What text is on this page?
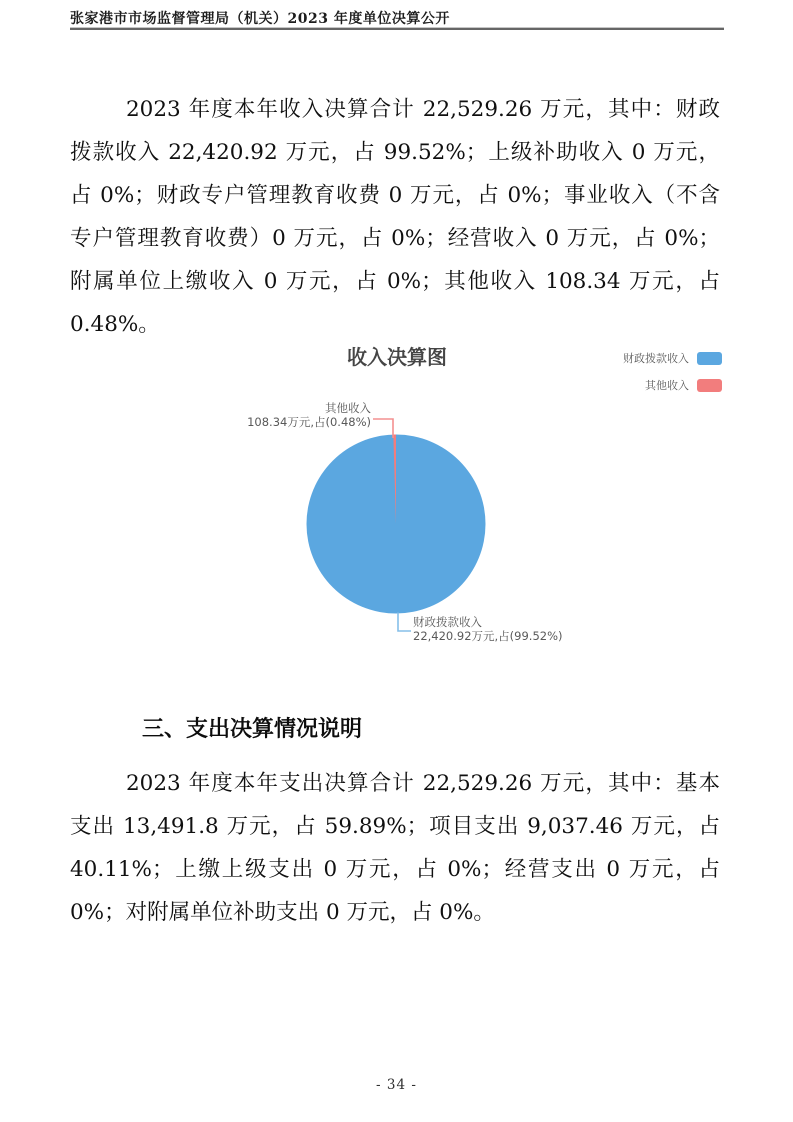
张家港市市场监督管理局（机关）2023 年度单位决算公开
2023 年度本年收入决算合计 22,529.26 万元，其中：财政
拨款收入 22,420.92 万元，占 99.52%；上级补助收入 0 万元，
占 0%；财政专户管理教育收费 0 万元，占 0%；事业收入（不含
专户管理教育收费）0 万元，占 0%；经营收入 0 万元，占 0%；
附属单位上缴收入 0 万元，占 0%；其他收入 108.34 万元，占
0.48%。
收入决算图	财政拨款收入
其他收入
其他收入
108.34万元,占(0.48%)
财政拨款收入
22,420.92万元,占(99.52%)
三、支出决算情况说明
2023 年度本年支出决算合计 22,529.26 万元，其中：基本
支出 13,491.8 万元，占 59.89%；项目支出 9,037.46 万元，占
40.11%；上缴上级支出 0 万元，占 0%；经营支出 0 万元，占
0%；对附属单位补助支出 0 万元，占 0%。
- 34 -
